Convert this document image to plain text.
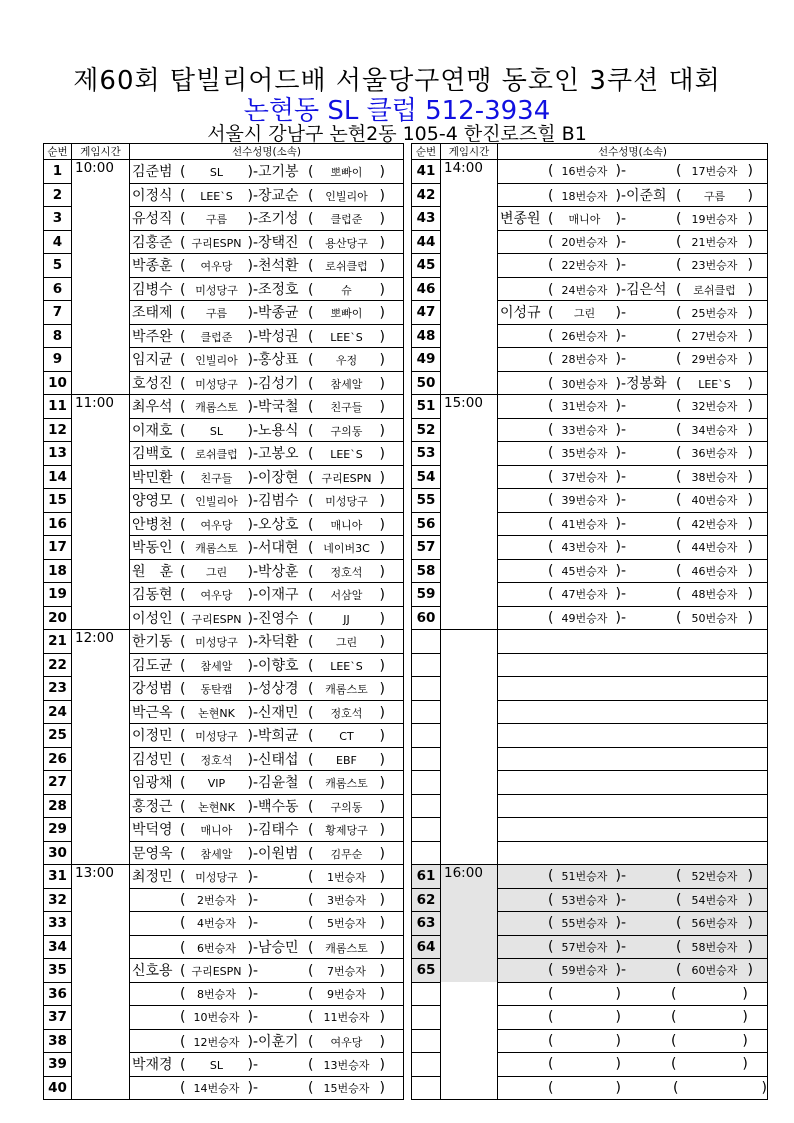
제60회 탑빌리어드배 서울당구연맹 동호인 3쿠션 대회
논현동 SL 클럽 512-3934
서울시 강남구 논현2동 105-4 한진로즈힐 B1
순번	게임시간	선수성명(소속)
1	10:00	김준범 ( SL )-고기봉 ( 뽀빠이 )
2		이정식 ( LEE`S )-장교순 ( 인빌리아 )
3		유성직 ( 구름 )-조기성 ( 클럽준 )
4		김홍준 ( 구리ESPN )-장택진 ( 용산당구 )
5		박종훈 ( 여우당 )-천석환 ( 로쉬클럽 )
6		김병수 ( 미성당구 )-조정호 ( 슈 )
7		조태제 ( 구름 )-박종균 ( 뽀빠이 )
8		박주완 ( 클럽준 )-박성권 ( LEE`S )
9		임지균 ( 인빌리아 )-홍상표 ( 우정 )
10		호성진 ( 미성당구 )-김성기 ( 참세알 )
11	11:00	최우석 ( 캐롬스토 )-박국철 ( 친구들 )
12		이재호 ( SL )-노용식 ( 구의동 )
13		김백호 ( 로쉬클럽 )-고봉오 ( LEE`S )
14		박민환 ( 친구들 )-이장현 ( 구리ESPN )
15		양영모 ( 인빌리아 )-김범수 ( 미성당구 )
16		안병천 ( 여우당 )-오상호 ( 매니아 )
17		박동인 ( 캐롬스토 )-서대현 ( 네이버3C )
18		원　훈 ( 그린 )-박상훈 ( 정호석 )
19		김동현 ( 여우당 )-이재구 ( 서삼알 )
20		이성인 ( 구리ESPN )-진영수 ( JJ )
21	12:00	한기동 ( 미성당구 )-차덕환 ( 그린 )
22		김도균 ( 참세알 )-이향호 ( LEE`S )
23		강성범 ( 동탄캡 )-성상경 ( 캐롬스토 )
24		박근옥 ( 논현NK )-신재민 ( 정호석 )
25		이정민 ( 미성당구 )-박희균 ( CT )
26		김성민 ( 정호석 )-신태섭 ( EBF )
27		임광채 ( VIP )-김윤철 ( 캐롬스토 )
28		홍정근 ( 논현NK )-백수동 ( 구의동 )
29		박덕영 ( 매니아 )-김태수 ( 황제당구 )
30		문영욱 ( 참세알 )-이원범 ( 김무순 )
31	13:00	최정민 ( 미성당구 )- ( 1번승자 )
32		( 2번승자 )- ( 3번승자 )
33		( 4번승자 )- ( 5번승자 )
34		( 6번승자 )-남승민 ( 캐롬스토 )
35		신호용 ( 구리ESPN )- ( 7번승자 )
36		( 8번승자 )- ( 9번승자 )
37		( 10번승자 )- ( 11번승자 )
38		( 12번승자 )-이훈기 ( 여우당 )
39		박재경 ( SL )- ( 13번승자 )
40		( 14번승자 )- ( 15번승자 )
순번	게임시간	선수성명(소속)
41	14:00	( 16번승자 )- ( 17번승자 )
42		( 18번승자 )-이준희 ( 구름 )
43		변종원 ( 매니아 )- ( 19번승자 )
44		( 20번승자 )- ( 21번승자 )
45		( 22번승자 )- ( 23번승자 )
46		( 24번승자 )-김은석 ( 로쉬클럽 )
47		이성규 ( 그린 )- ( 25번승자 )
48		( 26번승자 )- ( 27번승자 )
49		( 28번승자 )- ( 29번승자 )
50		( 30번승자 )-정봉화 ( LEE`S )
51	15:00	( 31번승자 )- ( 32번승자 )
52		( 33번승자 )- ( 34번승자 )
53		( 35번승자 )- ( 36번승자 )
54		( 37번승자 )- ( 38번승자 )
55		( 39번승자 )- ( 40번승자 )
56		( 41번승자 )- ( 42번승자 )
57		( 43번승자 )- ( 44번승자 )
58		( 45번승자 )- ( 46번승자 )
59		( 47번승자 )- ( 48번승자 )
60		( 49번승자 )- ( 50번승자 )

61	16:00	( 51번승자 )- ( 52번승자 )
62		( 53번승자 )- ( 54번승자 )
63		( 55번승자 )- ( 56번승자 )
64		( 57번승자 )- ( 58번승자 )
65		( 59번승자 )- ( 60번승자 )
		( ) ( )
		( ) ( )
		( ) ( )
		( ) ( )
		( ) ( )
